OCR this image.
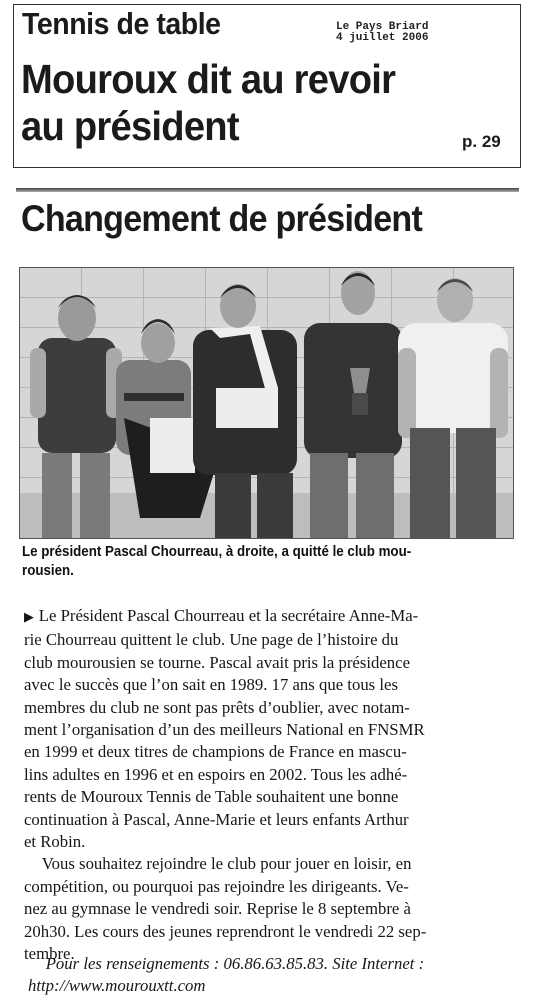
Tennis de table	Le Pays Briard
4 juillet 2006
Mouroux dit au revoir
au président	p. 29
Changement de président
Le président Pascal Chourreau, à droite, a quitté le club mou-
rousien.
▶ Le Président Pascal Chourreau et la secrétaire Anne-Ma-
rie Chourreau quittent le club. Une page de l’histoire du
club mourousien se tourne. Pascal avait pris la présidence
avec le succès que l’on sait en 1989. 17 ans que tous les
membres du club ne sont pas prêts d’oublier, avec notam-
ment l’organisation d’un des meilleurs National en FNSMR
en 1999 et deux titres de champions de France en mascu-
lins adultes en 1996 et en espoirs en 2002. Tous les adhé-
rents de Mouroux Tennis de Table souhaitent une bonne
continuation à Pascal, Anne-Marie et leurs enfants Arthur
et Robin.
Vous souhaitez rejoindre le club pour jouer en loisir, en
compétition, ou pourquoi pas rejoindre les dirigeants. Ve-
nez au gymnase le vendredi soir. Reprise le 8 septembre à
20h30. Les cours des jeunes reprendront le vendredi 22 sep-
tembre.
Pour les renseignements : 06.86.63.85.83. Site Internet :
http://www.mourouxtt.com
